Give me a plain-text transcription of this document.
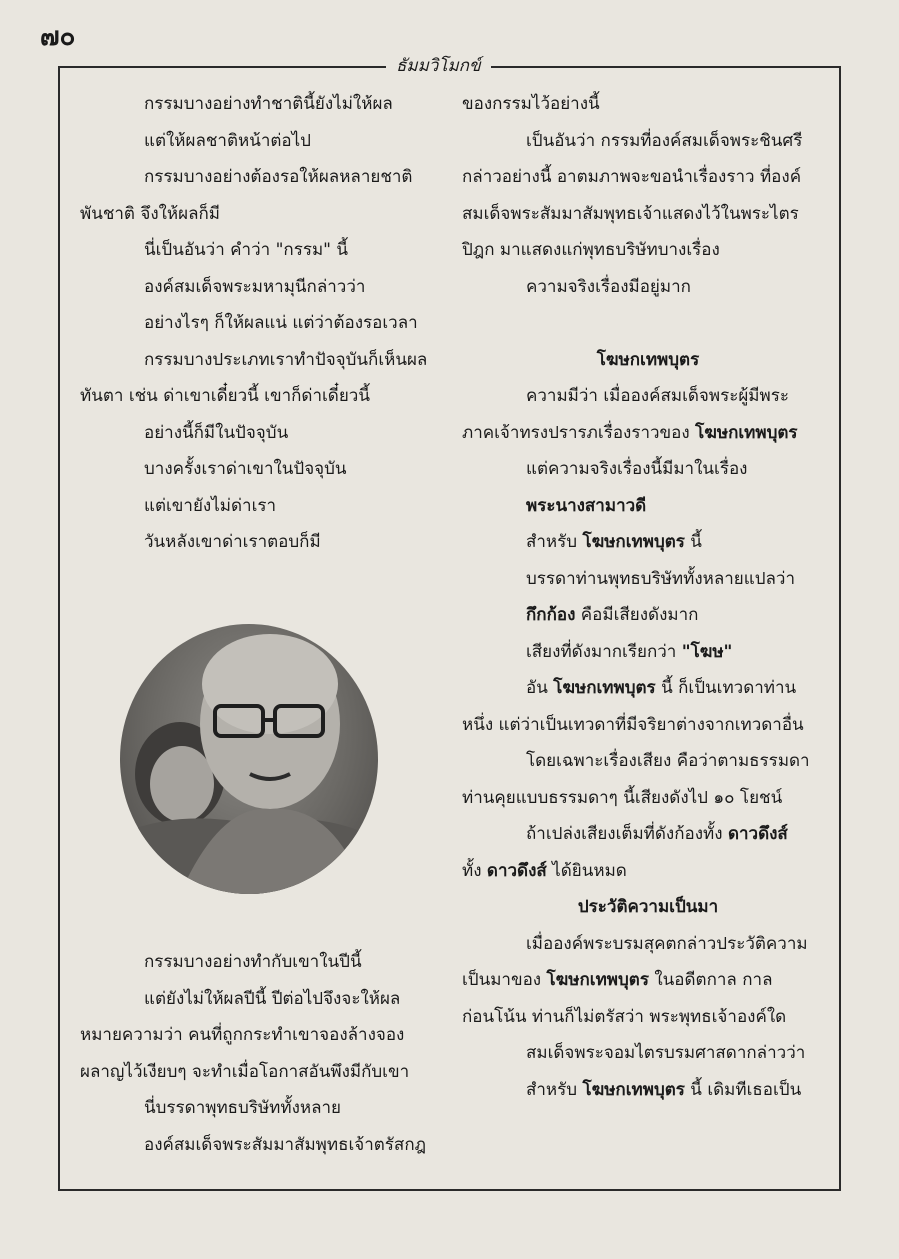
๗๐
ธัมมวิโมกข์
กรรมบางอย่างทำชาตินี้ยังไม่ให้ผล
แต่ให้ผลชาติหน้าต่อไป
กรรมบางอย่างต้องรอให้ผลหลายชาติ
พันชาติ จึงให้ผลก็มี
นี่เป็นอันว่า คำว่า "กรรม" นี้
องค์สมเด็จพระมหามุนีกล่าวว่า
อย่างไรๆ ก็ให้ผลแน่ แต่ว่าต้องรอเวลา
กรรมบางประเภทเราทำปัจจุบันก็เห็นผล
ทันตา เช่น ด่าเขาเดี๋ยวนี้ เขาก็ด่าเดี๋ยวนี้
อย่างนี้ก็มีในปัจจุบัน
บางครั้งเราด่าเขาในปัจจุบัน
แต่เขายังไม่ด่าเรา
วันหลังเขาด่าเราตอบก็มี
กรรมบางอย่างทำกับเขาในปีนี้
แต่ยังไม่ให้ผลปีนี้ ปีต่อไปจึงจะให้ผล
หมายความว่า คนที่ถูกกระทำเขาจองล้างจอง
ผลาญไว้เงียบๆ จะทำเมื่อโอกาสอันพึงมีกับเขา
นี่บรรดาพุทธบริษัททั้งหลาย
องค์สมเด็จพระสัมมาสัมพุทธเจ้าตรัสกฎ
ของกรรมไว้อย่างนี้
เป็นอันว่า กรรมที่องค์สมเด็จพระชินศรี
กล่าวอย่างนี้ อาตมภาพจะขอนำเรื่องราว ที่องค์
สมเด็จพระสัมมาสัมพุทธเจ้าแสดงไว้ในพระไตร
ปิฎก มาแสดงแก่พุทธบริษัทบางเรื่อง
ความจริงเรื่องมีอยู่มาก
โฆษกเทพบุตร
ความมีว่า เมื่อองค์สมเด็จพระผู้มีพระ
ภาคเจ้าทรงปรารภเรื่องราวของ โฆษกเทพบุตร
แต่ความจริงเรื่องนี้มีมาในเรื่อง
พระนางสามาวดี
สำหรับ โฆษกเทพบุตร นี้
บรรดาท่านพุทธบริษัททั้งหลายแปลว่า
กึกก้อง คือมีเสียงดังมาก
เสียงที่ดังมากเรียกว่า "โฆษ"
อัน โฆษกเทพบุตร นี้ ก็เป็นเทวดาท่าน
หนึ่ง แต่ว่าเป็นเทวดาที่มีจริยาต่างจากเทวดาอื่น
โดยเฉพาะเรื่องเสียง คือว่าตามธรรมดา
ท่านคุยแบบธรรมดาๆ นี้เสียงดังไป ๑๐ โยชน์
ถ้าเปล่งเสียงเต็มที่ดังก้องทั้ง ดาวดึงส์
ทั้ง ดาวดึงส์ ได้ยินหมด
ประวัติความเป็นมา
เมื่อองค์พระบรมสุคตกล่าวประวัติความ
เป็นมาของ โฆษกเทพบุตร ในอดีตกาล กาล
ก่อนโน้น ท่านก็ไม่ตรัสว่า พระพุทธเจ้าองค์ใด
สมเด็จพระจอมไตรบรมศาสดากล่าวว่า
สำหรับ โฆษกเทพบุตร นี้ เดิมทีเธอเป็น
